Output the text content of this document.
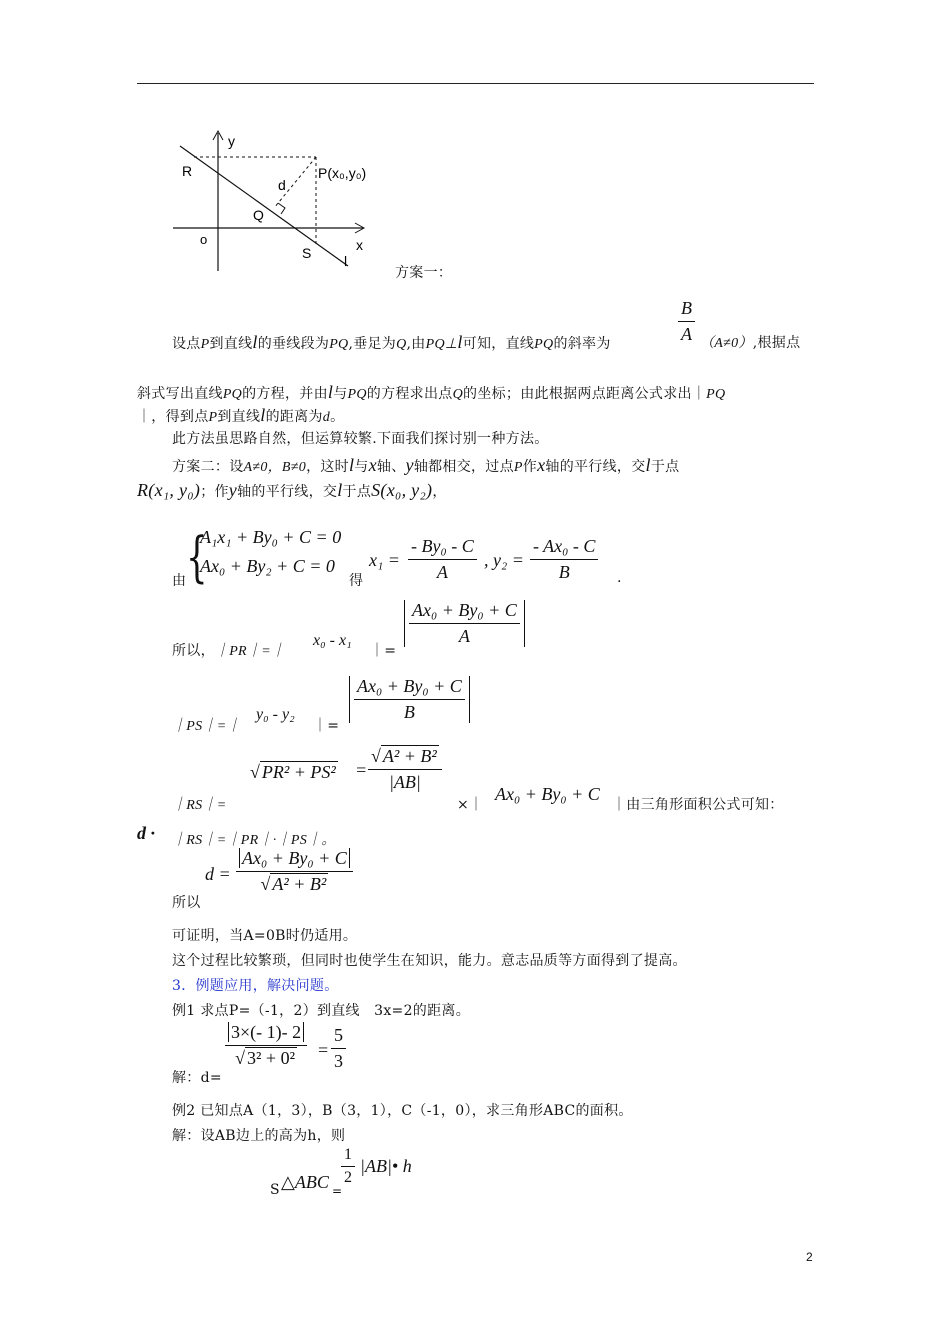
y
R	P(x₀,y₀)
d
Q
o
S	x
l
方案一：
设点P到直线l的垂线段为PQ,垂足为Q,由PQ⊥l可知，直线PQ的斜率为	$\frac{B}{A} (A\ne 0)$,根据点
斜式写出直线PQ的方程，并由l与PQ的方程求出点Q的坐标；由此根据两点距离公式求出｜PQ
｜，得到点P到直线l的距离为d。
此方法虽思路自然，但运算较繁.下面我们探讨别一种方法。
方案二：设A≠0，B≠0，这时l与x轴、y轴都相交，过点P作x轴的平行线，交l于点
R(x₁, y₀)；作y轴的平行线，交l于点S(x₀, y₂)，
由 {
A₁x₁ + By₀ + C = 0
Ax₀ + By₂ + C = 0
得
$x_1 = \frac{\text{- By₀ - C}}{A}$ , $y_2 = \frac{\text{- Ax₀ - C}}{B}$ .
所以，｜PR｜=｜
x₀ - x₁
｜=
$\frac{\text{Ax₀ + By₀ + C}}{A}$
｜PS｜=｜
y₀ - y₂
｜=
$\frac{\text{Ax₀ + By₀ + C}}{B}$
｜RS｜=
√ $PR^2 + PS^2 = \frac{\text{√ A² + B²}}{|AB|}$
×｜
Ax₀ + By₀ + C
｜由三角形面积公式可知：
d · ｜RS｜=｜PR｜·｜PS｜。
所以
$d = \frac{\text{Ax₀ + By₀ + C}}{\text{√ A² + B²}}$
可证明，当A=0B时仍适用。
这个过程比较繁琐，但同时也使学生在知识，能力。意志品质等方面得到了提高。
3．例题应用，解决问题。
例1 求点P=（-1，2）到直线　3x=2的距离。
解：d=
$\frac{3\times(- 1)- 2}{\text{√ 3² + 0²}} = \frac{5}{3}$
例2 已知点A（1，3），B（3，1），C（-1，0），求三角形ABC的面积。
解：设AB边上的高为h，则
S △ABC =
$\frac{1}{2}$ |AB|• h
2
